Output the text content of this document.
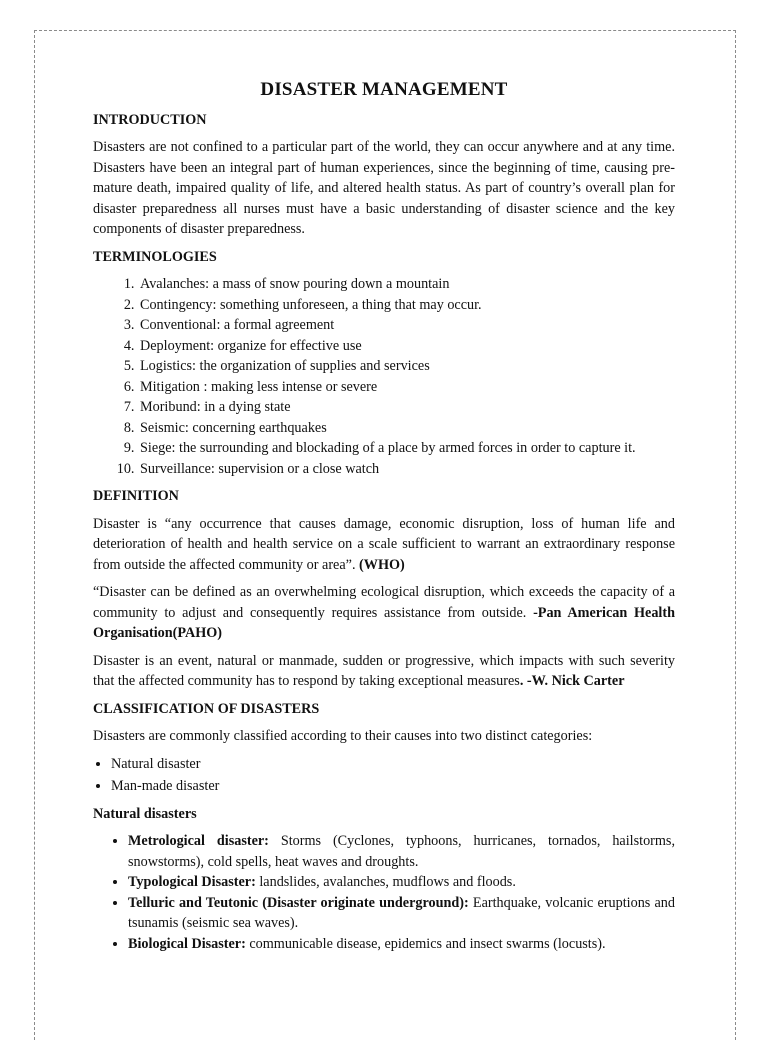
DISASTER MANAGEMENT
INTRODUCTION

Disasters are not confined to a particular part of the world, they can occur anywhere and at any time. Disasters have been an integral part of human experiences, since the beginning of time, causing pre-mature death, impaired quality of life, and altered health status. As part of country’s overall plan for disaster preparedness all nurses must have a basic understanding of disaster science and the key components of disaster preparedness.

TERMINOLOGIES
1. Avalanches: a mass of snow pouring down a mountain
2. Contingency: something unforeseen, a thing that may occur.
3. Conventional: a formal agreement
4. Deployment: organize for effective use
5. Logistics: the organization of supplies and services
6. Mitigation : making less intense or severe
7. Moribund: in a dying state
8. Seismic: concerning earthquakes
9. Siege: the surrounding and blockading of a place by armed forces in order to capture it.
10. Surveillance: supervision or a close watch
DEFINITION

Disaster is “any occurrence that causes damage, economic disruption, loss of human life and deterioration of health and health service on a scale sufficient to warrant an extraordinary response from outside the affected community or area”. (WHO)

“Disaster can be defined as an overwhelming ecological disruption, which exceeds the capacity of a community to adjust and consequently requires assistance from outside. -Pan American Health Organisation(PAHO)

Disaster is an event, natural or manmade, sudden or progressive, which impacts with such severity that the affected community has to respond by taking exceptional measures. -W. Nick Carter

CLASSIFICATION OF DISASTERS

Disasters are commonly classified according to their causes into two distinct categories:

• Natural disaster
• Man-made disaster
Natural disasters
• Metrological disaster: Storms (Cyclones, typhoons, hurricanes, tornados, hailstorms, snowstorms), cold spells, heat waves and droughts.
• Typological Disaster: landslides, avalanches, mudflows and floods.
• Telluric and Teutonic (Disaster originate underground): Earthquake, volcanic eruptions and tsunamis (seismic sea waves).
• Biological Disaster: communicable disease, epidemics and insect swarms (locusts).
